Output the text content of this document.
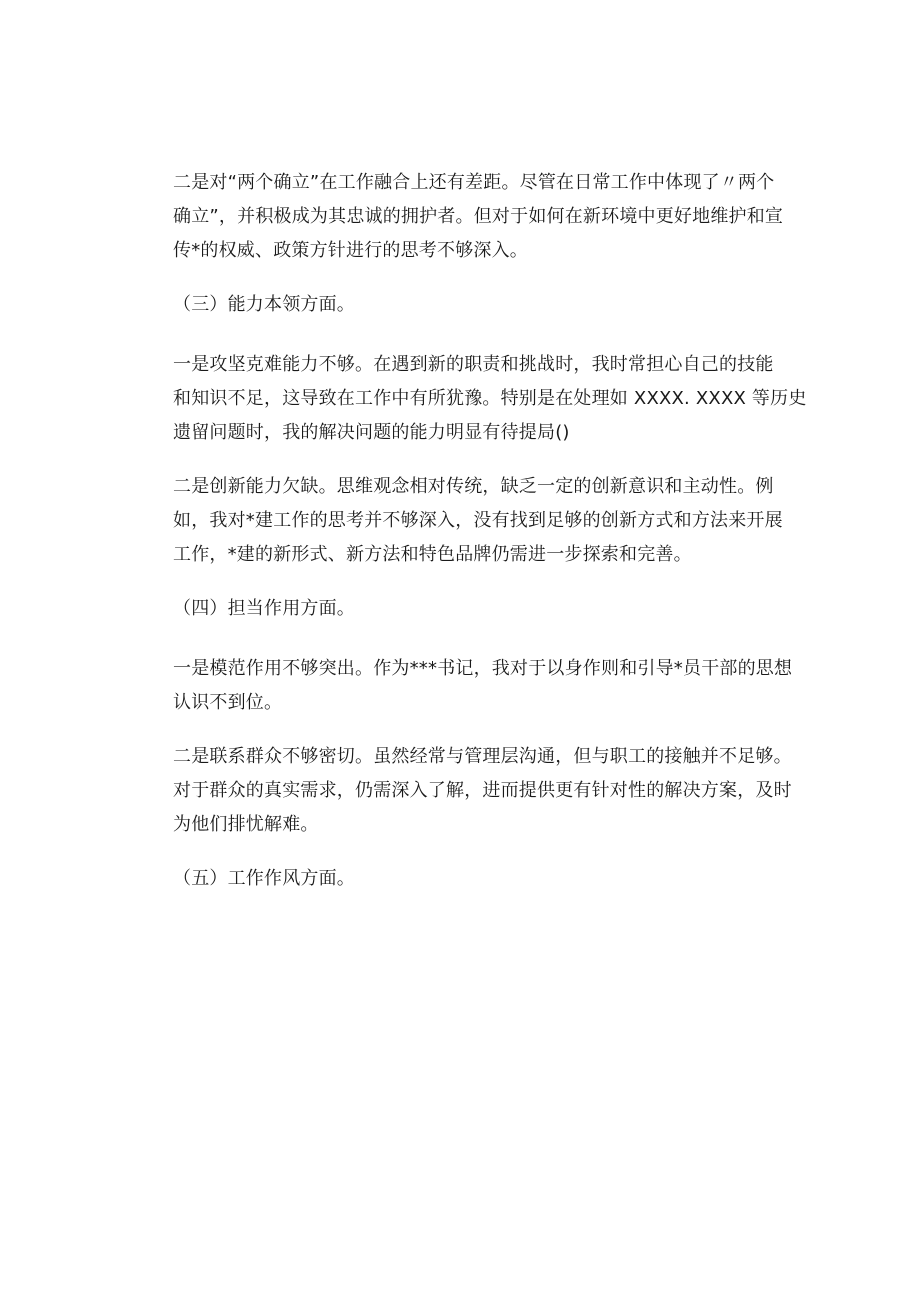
二是对“两个确立”在工作融合上还有差距。尽管在日常工作中体现了〃两个
确立”，并积极成为其忠诚的拥护者。但对于如何在新环境中更好地维护和宣
传*的权威、政策方针进行的思考不够深入。

（三）能力本领方面。

一是攻坚克难能力不够。在遇到新的职责和挑战时，我时常担心自己的技能
和知识不足，这导致在工作中有所犹豫。特别是在处理如 XXXX. XXXX 等历史
遗留问题时，我的解决问题的能力明显有待提局()

二是创新能力欠缺。思维观念相对传统，缺乏一定的创新意识和主动性。例
如，我对*建工作的思考并不够深入，没有找到足够的创新方式和方法来开展
工作，*建的新形式、新方法和特色品牌仍需进一步探索和完善。

（四）担当作用方面。

一是模范作用不够突出。作为***书记，我对于以身作则和引导*员干部的思想
认识不到位。

二是联系群众不够密切。虽然经常与管理层沟通，但与职工的接触并不足够。
对于群众的真实需求，仍需深入了解，进而提供更有针对性的解决方案，及时
为他们排忧解难。

（五）工作作风方面。
